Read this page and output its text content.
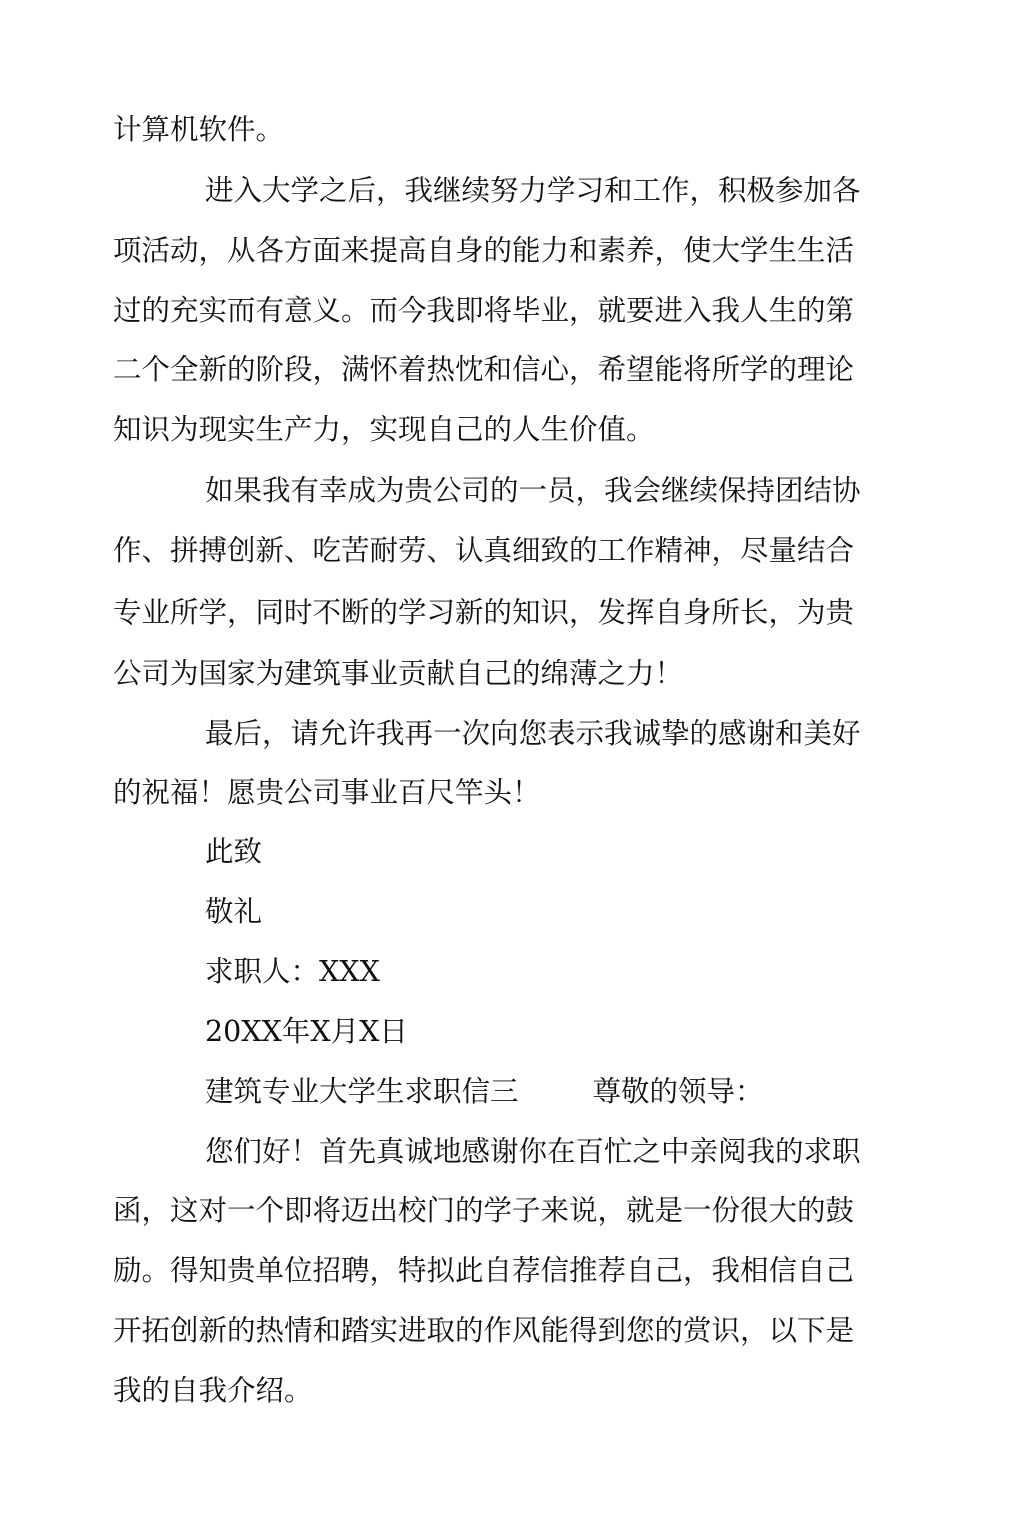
计算机软件。
进入大学之后，我继续努力学习和工作，积极参加各
项活动，从各方面来提高自身的能力和素养，使大学生生活
过的充实而有意义。而今我即将毕业，就要进入我人生的第
二个全新的阶段，满怀着热忱和信心，希望能将所学的理论
知识为现实生产力，实现自己的人生价值。
如果我有幸成为贵公司的一员，我会继续保持团结协
作、拼搏创新、吃苦耐劳、认真细致的工作精神，尽量结合
专业所学，同时不断的学习新的知识，发挥自身所长，为贵
公司为国家为建筑事业贡献自己的绵薄之力！
最后，请允许我再一次向您表示我诚挚的感谢和美好
的祝福！愿贵公司事业百尺竿头！
此致
敬礼
求职人：XXX
20XX年X月X日
建筑专业大学生求职信三	尊敬的领导：
您们好！首先真诚地感谢你在百忙之中亲阅我的求职
函，这对一个即将迈出校门的学子来说，就是一份很大的鼓
励。得知贵单位招聘，特拟此自荐信推荐自己，我相信自己
开拓创新的热情和踏实进取的作风能得到您的赏识，以下是
我的自我介绍。
